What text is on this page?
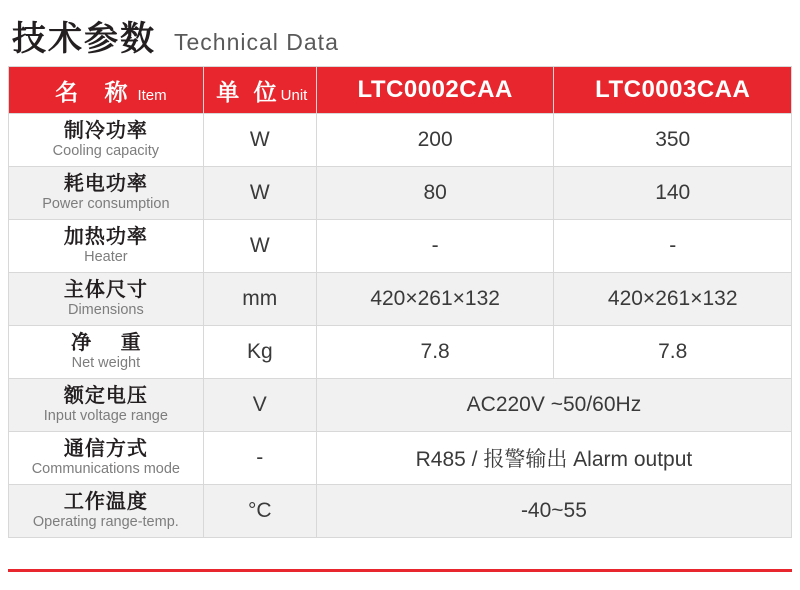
技术参数 Technical Data
名 称 Item	单 位 Unit	LTC0002CAA	LTC0003CAA

制冷功率
Cooling capacity	W	200	350

耗电功率
Power consumption	W	80	140

加热功率
Heater	W	-	-

主体尺寸
Dimensions	mm	420×261×132	420×261×132

净 重
Net weight	Kg	7.8	7.8

额定电压
Input voltage range	V	AC220V ~50/60Hz	

通信方式
Communications mode	-	R485 / 报警输出 Alarm output	

工作温度
Operating range-temp.	°C	-40~55	
